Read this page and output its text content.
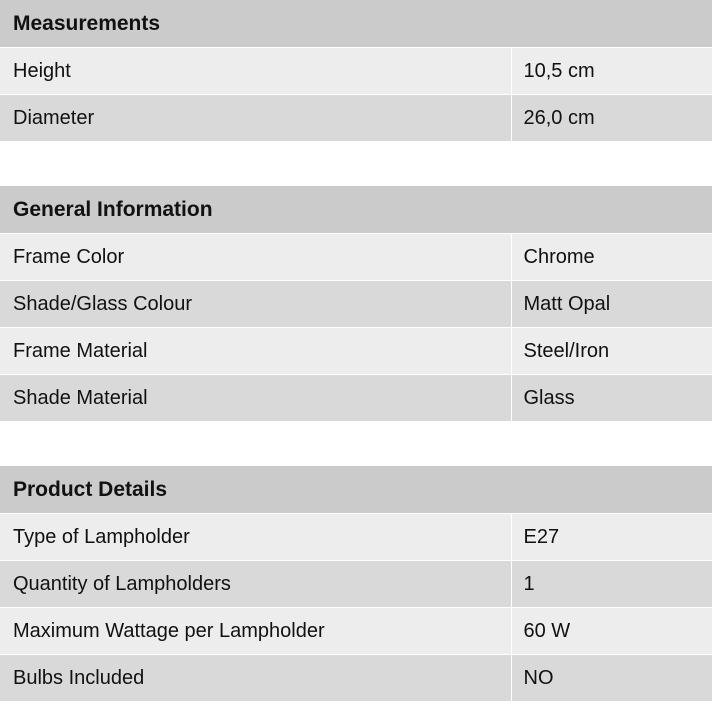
Measurements	
Height	10,5 cm
Diameter	26,0 cm
General Information	
Frame Color	Chrome
Shade/Glass Colour	Matt Opal
Frame Material	Steel/Iron
Shade Material	Glass
Product Details	
Type of Lampholder	E27
Quantity of Lampholders	1
Maximum Wattage per Lampholder	60 W
Bulbs Included	NO
